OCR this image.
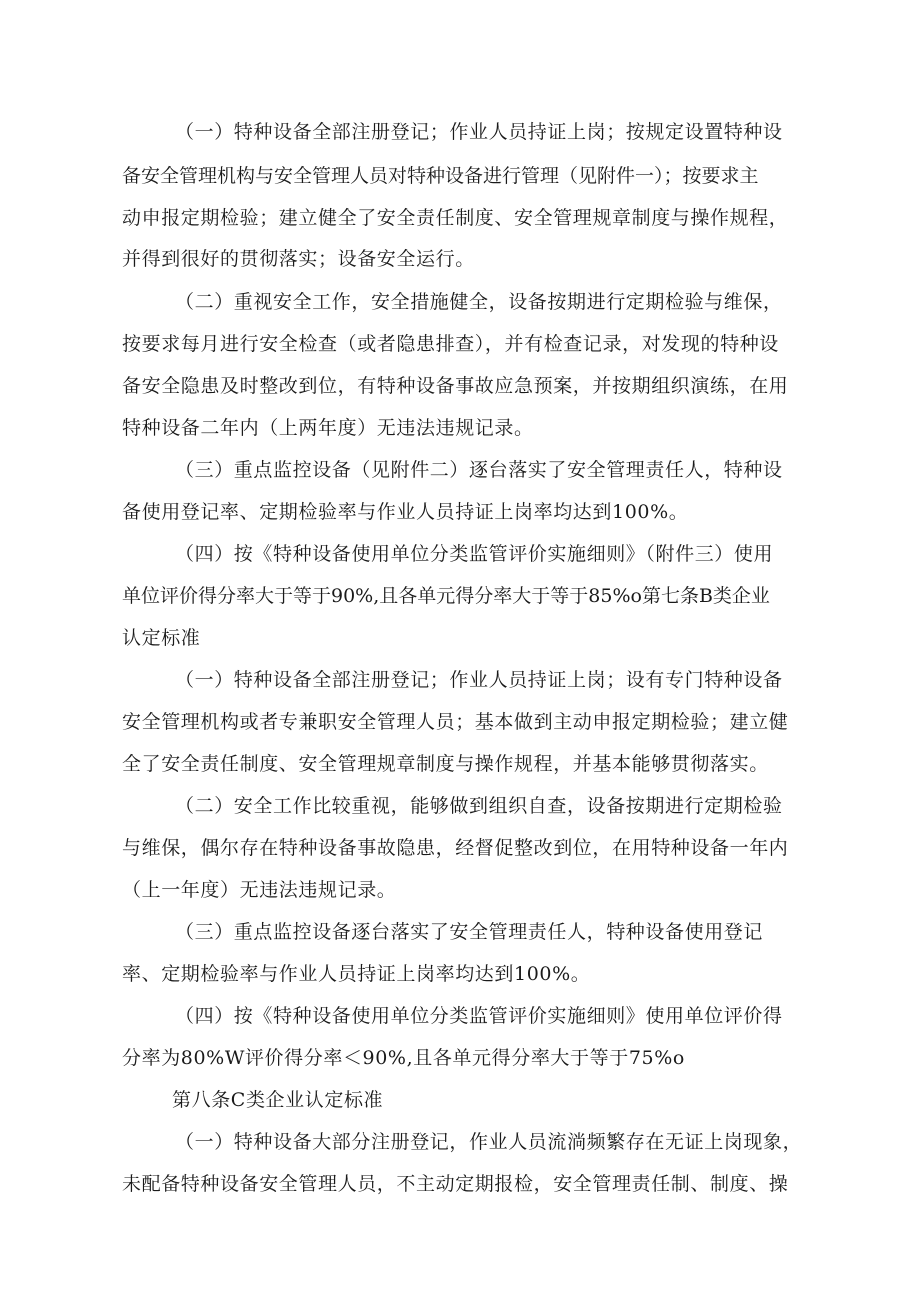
（一）特种设备全部注册登记；作业人员持证上岗；按规定设置特种设
备安全管理机构与安全管理人员对特种设备进行管理（见附件一）；按要求主
动申报定期检验；建立健全了安全责任制度、安全管理规章制度与操作规程，
并得到很好的贯彻落实；设备安全运行。
（二）重视安全工作，安全措施健全，设备按期进行定期检验与维保，
按要求每月进行安全检查（或者隐患排查），并有检查记录，对发现的特种设
备安全隐患及时整改到位，有特种设备事故应急预案，并按期组织演练，在用
特种设备二年内（上两年度）无违法违规记录。
（三）重点监控设备（见附件二）逐台落实了安全管理责任人，特种设
备使用登记率、定期检验率与作业人员持证上岗率均达到100%。
（四）按《特种设备使用单位分类监管评价实施细则》（附件三）使用
单位评价得分率大于等于90%,且各单元得分率大于等于85%o第七条B类企业
认定标准
（一）特种设备全部注册登记；作业人员持证上岗；设有专门特种设备
安全管理机构或者专兼职安全管理人员；基本做到主动申报定期检验；建立健
全了安全责任制度、安全管理规章制度与操作规程，并基本能够贯彻落实。
（二）安全工作比较重视，能够做到组织自查，设备按期进行定期检验
与维保，偶尔存在特种设备事故隐患，经督促整改到位，在用特种设备一年内
（上一年度）无违法违规记录。
（三）重点监控设备逐台落实了安全管理责任人，特种设备使用登记
率、定期检验率与作业人员持证上岗率均达到100%。
（四）按《特种设备使用单位分类监管评价实施细则》使用单位评价得
分率为80%W评价得分率＜90%,且各单元得分率大于等于75%o
第八条C类企业认定标准
（一）特种设备大部分注册登记，作业人员流淌频繁存在无证上岗现象，
未配备特种设备安全管理人员，不主动定期报检，安全管理责任制、制度、操
